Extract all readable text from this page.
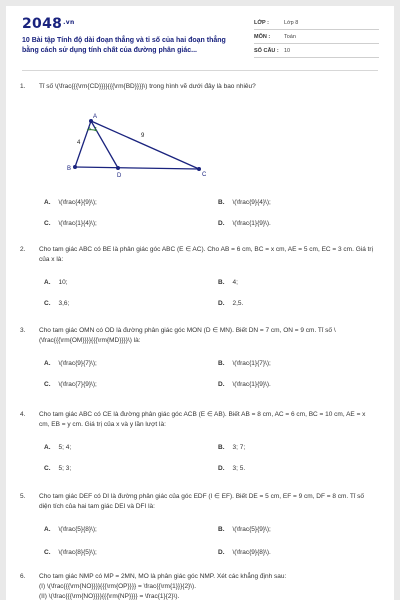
$2048^{.vn}$
10 Bài tập Tính độ dài đoạn thẳng và tỉ số của hai đoạn thẳng bằng cách sử dụng tính chất của đường phân giác...
LỚP :	Lớp 8
MÔN :	Toán
SỐ CÂU : 10
1. Tỉ số \(\frac{{{\rm{CD}}}}{{{\rm{BD}}}}\) trong hình vẽ dưới đây là bao nhiêu?
A
B
C
D
4
9
A. \(\frac{4}{9}\);	B. \(\frac{9}{4}\);
C. \(\frac{1}{4}\);	D. \(\frac{1}{9}\).
2. Cho tam giác ABC có BE là phân giác góc ABC (E ∈ AC). Cho AB = 6 cm, BC = x cm, AE = 5 cm, EC = 3 cm. Giá trị của x là:
A. 10;	B. 4;
C. 3,6;	D. 2,5.
3. Cho tam giác OMN có OD là đường phân giác góc MON (D ∈ MN). Biết DN = 7 cm, ON = 9 cm. Tỉ số \(\frac{{{\rm{OM}}}}{{{\rm{MD}}}}\) là:
A. \(\frac{9}{7}\);	B. \(\frac{1}{7}\);
C. \(\frac{7}{9}\);	D. \(\frac{1}{9}\).
4. Cho tam giác ABC có CE là đường phân giác góc ACB (E ∈ AB). Biết AB = 8 cm, AC = 6 cm, BC = 10 cm, AE = x cm, EB = y cm. Giá trị của x và y lần lượt là:
A. 5; 4;	B. 3; 7;
C. 5; 3;	D. 3; 5.
5. Cho tam giác DEF có DI là đường phân giác của góc EDF (I ∈ EF). Biết DE = 5 cm, EF = 9 cm, DF = 8 cm. Tỉ số diện tích của hai tam giác DEI và DFI là:
A. \(\frac{5}{8}\);	B. \(\frac{5}{9}\);
C. \(\frac{8}{5}\);	D. \(\frac{9}{8}\).
6. Cho tam giác NMP có MP = 2MN, MO là phân giác góc NMP. Xét các khẳng định sau:
(I) \(\frac{{{\rm{NO}}}}{{{\rm{OP}}}} = \frac{{\rm{1}}}{2}\).
(II) \(\frac{{{\rm{NO}}}}{{{\rm{NP}}}} = \frac{1}{2}\).
